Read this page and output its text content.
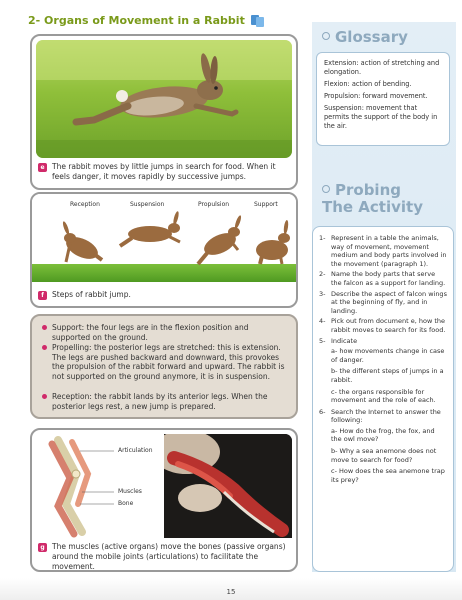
2- Organs of Movement in a Rabbit
e The rabbit moves by little jumps in search for food. When it feels danger, it moves rapidly by successive jumps.
Reception	Suspension	Propulsion	Support
f	Steps of rabbit jump.
Support: the four legs are in the flexion position and supported on the ground.
Propelling: the posterior legs are stretched: this is extension. The legs are pushed backward and downward, this provokes the propulsion of the rabbit forward and upward. The rabbit is not supported on the ground anymore, it is in suspension.
Reception: the rabbit lands by its anterior legs. When the posterior legs rest, a new jump is prepared.
Articulation
Muscles
Bone
g The muscles (active organs) move the bones (passive organs) around the mobile joints (articulations) to facilitate the movement.
Glossary

Extension: action of stretching and elongation.

Flexion: action of bending.

Propulsion: forward movement.

Suspension: movement that permits the support of the body in the air.

Probing
The Activity
1- Represent in a table the animals, way of movement, movement medium and body parts involved in the movement (paragraph 1).
2- Name the body parts that serve the falcon as a support for landing.
3- Describe the aspect of falcon wings at the beginning of fly, and in landing.
4- Pick out from document e, how the rabbit moves to search for its food.
5- Indicate
a- how movements change in case of danger.
b- the different steps of jumps in a rabbit.
c- the organs responsible for movement and the role of each.
6- Search the Internet to answer the following:
a- How do the frog, the fox, and the owl move?
b- Why a sea anemone does not move to search for food?
c- How does the sea anemone trap its prey?
15
